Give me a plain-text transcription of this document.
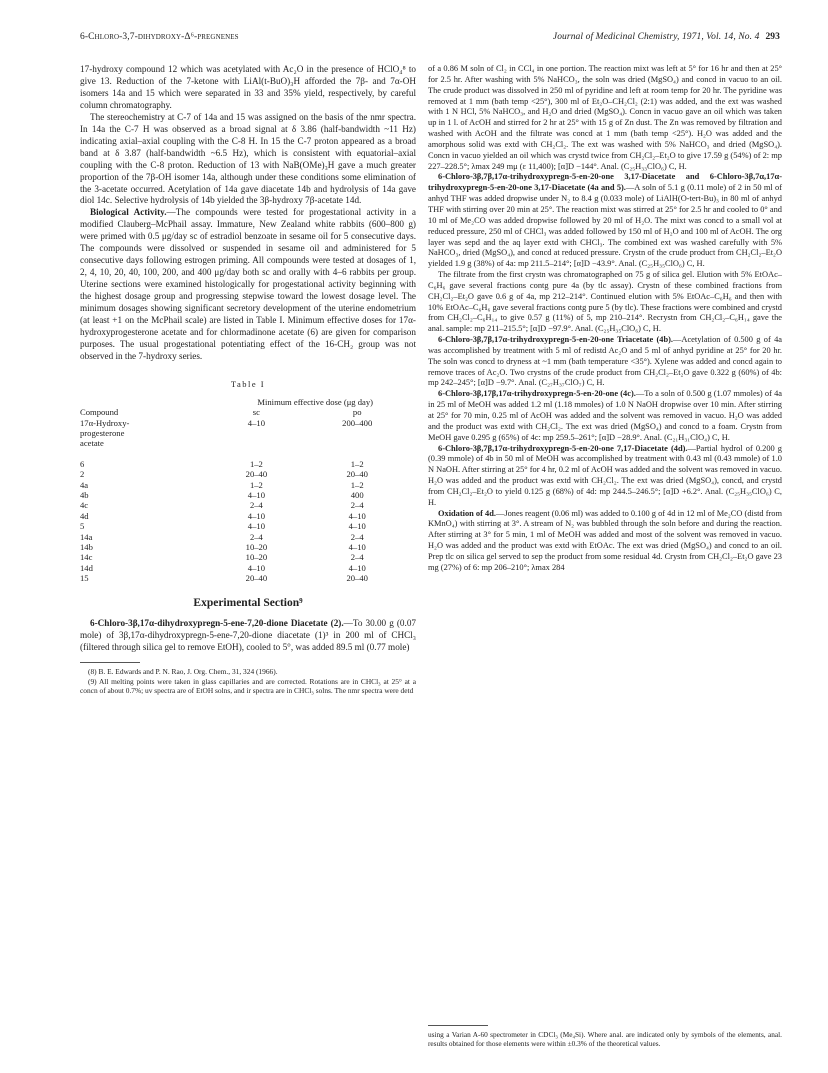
6-Chloro-3,7-dihydroxy-Δ⁶-pregnenes	Journal of Medicinal Chemistry, 1971, Vol. 14, No. 4 293

17-hydroxy compound 12 which was acetylated with Ac₂O in the presence of HClO₄⁸ to give 13. Reduction of the 7-ketone with LiAl(t-BuO)₃H afforded the 7β- and 7α-OH isomers 14a and 15 which were separated in 33 and 35% yield, respectively, by careful column chromatography.

The stereochemistry at C-7 of 14a and 15 was assigned on the basis of the nmr spectra. In 14a the C-7 H was observed as a broad signal at δ 3.86 (half-bandwidth ~11 Hz) indicating axial–axial coupling with the C-8 H. In 15 the C-7 proton appeared as a broad band at δ 3.87 (half-bandwidth ~6.5 Hz), which is consistent with equatorial–axial coupling with the C-8 proton. Reduction of 13 with NaB(OMe)₃H gave a much greater proportion of the 7β-OH isomer 14a, although under these conditions some elimination of the 3-acetate occurred. Acetylation of 14a gave diacetate 14b and hydrolysis of 14a gave diol 14c. Selective hydrolysis of 14b yielded the 3β-hydroxy 7β-acetate 14d.

Biological Activity.—The compounds were tested for progestational activity in a modified Clauberg–McPhail assay. Immature, New Zealand white rabbits (600–800 g) were primed with 0.5 μg/day sc of estradiol benzoate in sesame oil for 5 consecutive days. The compounds were dissolved or suspended in sesame oil and administered for 5 consecutive days following estrogen priming. All compounds were tested at dosages of 1, 2, 4, 10, 20, 40, 100, 200, and 400 μg/day both sc and orally with 4–6 rabbits per group. Uterine sections were examined histologically for progestational activity beginning with the highest dosage group and progressing stepwise toward the lowest dosage level. The minimum dosages showing significant secretory development of the uterine endometrium (at least +1 on the McPhail scale) are listed in Table I. Minimum effective doses for 17α-hydroxyprogesterone acetate and for chlormadinone acetate (6) are given for comparison purposes. The usual progestational potentiating effect of the 16-CH₂ group was not observed in the 7-hydroxy series.

Table I
	Minimum effective dose (μg day)	
Compound	sc	po
17α-Hydroxy-	4–10	200–400
progesterone		
acetate		
6	1–2	1–2
2	20–40	20–40
4a	1–2	1–2
4b	4–10	400
4c	2–4	2–4
4d	4–10	4–10
5	4–10	4–10
14a	2–4	2–4
14b	10–20	4–10
14c	10–20	2–4
14d	4–10	4–10
15	20–40	20–40
Experimental Section⁹

6-Chloro-3β,17α-dihydroxypregn-5-ene-7,20-dione Diacetate (2).—To 30.00 g (0.07 mole) of 3β,17α-dihydroxypregn-5-ene-7,20-dione diacetate (1)³ in 200 ml of CHCl₃ (filtered through silica gel to remove EtOH), cooled to 5°, was added 89.5 ml (0.77 mole)

(8) B. E. Edwards and P. N. Rao, J. Org. Chem., 31, 324 (1966).

(9) All melting points were taken in glass capillaries and are corrected. Rotations are in CHCl₃ at 25° at a concn of about 0.7%; uv spectra are of EtOH solns, and ir spectra are in CHCl₃ solns. The nmr spectra were detd

of a 0.86 M soln of Cl₂ in CCl₄ in one portion. The reaction mixt was left at 5° for 16 hr and then at 25° for 2.5 hr. After washing with 5% NaHCO₃, the soln was dried (MgSO₄) and concd in vacuo to an oil. The crude product was dissolved in 250 ml of pyridine and left at room temp for 20 hr. The pyridine was removed at 1 mm (bath temp <25°), 300 ml of Et₂O–CH₂Cl₂ (2:1) was added, and the ext was washed with 1 N HCl, 5% NaHCO₃, and H₂O and dried (MgSO₄). Concn in vacuo gave an oil which was taken up in 1 l. of AcOH and stirred for 2 hr at 25° with 15 g of Zn dust. The Zn was removed by filtration and washed with AcOH and the filtrate was concd at 1 mm (bath temp <25°). H₂O was added and the amorphous solid was extd with CH₂Cl₂. The ext was washed with 5% NaHCO₃ and dried (MgSO₄). Concn in vacuo yielded an oil which was crystd twice from CH₂Cl₂–Et₂O to give 17.59 g (54%) of 2: mp 227–228.5°; λmax 249 mμ (ε 11,400); [α]D −144°. Anal. (C₂₅H₃₃ClO₆) C, H.

6-Chloro-3β,7β,17α-trihydroxypregn-5-en-20-one 3,17-Diacetate and 6-Chloro-3β,7α,17α-trihydroxypregn-5-en-20-one 3,17-Diacetate (4a and 5).—A soln of 5.1 g (0.11 mole) of 2 in 50 ml of anhyd THF was added dropwise under N₂ to 8.4 g (0.033 mole) of LiAlH(O-tert-Bu)₃ in 80 ml of anhyd THF with stirring over 20 min at 25°. The reaction mixt was stirred at 25° for 2.5 hr and cooled to 0° and 10 ml of Me₂CO was added dropwise followed by 20 ml of H₂O. The mixt was concd to a small vol at reduced pressure, 250 ml of CHCl₃ was added followed by 150 ml of H₂O and 100 ml of AcOH. The org layer was sepd and the aq layer extd with CHCl₃. The combined ext was washed carefully with 5% NaHCO₃, dried (MgSO₄), and concd at reduced pressure. Crystn of the crude product from CH₂Cl₂–Et₂O yielded 1.9 g (38%) of 4a: mp 211.5–214°; [α]D −43.9°. Anal. (C₂₅H₃₅ClO₆) C, H.

The filtrate from the first crystn was chromatographed on 75 g of silica gel. Elution with 5% EtOAc–C₆H₆ gave several fractions contg pure 4a (by tlc assay). Crystn of these combined fractions from CH₂Cl₂–Et₂O gave 0.6 g of 4a, mp 212–214°. Continued elution with 5% EtOAc–C₆H₆ and then with 10% EtOAc–C₆H₆ gave several fractions contg pure 5 (by tlc). These fractions were combined and crystd from CH₂Cl₂–C₆H₁₄ to give 0.57 g (11%) of 5, mp 210–214°. Recrystn from CH₂Cl₂–C₆H₁₄ gave the anal. sample: mp 211–215.5°; [α]D −97.9°. Anal. (C₂₅H₃₅ClO₆) C, H.

6-Chloro-3β,7β,17α-trihydroxypregn-5-en-20-one Triacetate (4b).—Acetylation of 0.500 g of 4a was accomplished by treatment with 5 ml of redistd Ac₂O and 5 ml of anhyd pyridine at 25° for 20 hr. The soln was concd to dryness at ~1 mm (bath temperature <35°). Xylene was added and concd again to remove traces of Ac₂O. Two crystns of the crude product from CH₂Cl₂–Et₂O gave 0.322 g (60%) of 4b: mp 242–245°; [α]D −9.7°. Anal. (C₂₇H₃₇ClO₇) C, H.

6-Chloro-3β,17β,17α-trihydroxypregn-5-en-20-one (4c).—To a soln of 0.500 g (1.07 mmoles) of 4a in 25 ml of MeOH was added 1.2 ml (1.18 mmoles) of 1.0 N NaOH dropwise over 10 min. After stirring at 25° for 70 min, 0.25 ml of AcOH was added and the solvent was removed in vacuo. H₂O was added and the product was extd with CH₂Cl₂. The ext was dried (MgSO₄) and concd to a foam. Crystn from MeOH gave 0.295 g (65%) of 4c: mp 259.5–261°; [α]D −28.9°. Anal. (C₂₁H₃₁ClO₄) C, H.

6-Chloro-3β,7β,17α-trihydroxypregn-5-en-20-one 7,17-Diacetate (4d).—Partial hydrol of 0.200 g (0.39 mmole) of 4b in 50 ml of MeOH was accomplished by treatment with 0.43 ml (0.43 mmole) of 1.0 N NaOH. After stirring at 25° for 4 hr, 0.2 ml of AcOH was added and the solvent was removed in vacuo. H₂O was added and the product was extd with CH₂Cl₂. The ext was dried (MgSO₄), concd, and crystd from CH₂Cl₂–Et₂O to yield 0.125 g (68%) of 4d: mp 244.5–246.5°; [α]D +6.2°. Anal. (C₂₅H₃₅ClO₆) C, H.

Oxidation of 4d.—Jones reagent (0.06 ml) was added to 0.100 g of 4d in 12 ml of Me₂CO (distd from KMnO₄) with stirring at 3°. A stream of N₂ was bubbled through the soln before and during the reaction. After stirring at 3° for 5 min, 1 ml of MeOH was added and most of the solvent was removed in vacuo. H₂O was added and the product was extd with EtOAc. The ext was dried (MgSO₄) and concd to an oil. Prep tlc on silica gel served to sep the product from some residual 4d. Crystn from CH₂Cl₂–Et₂O gave 23 mg (27%) of 6: mp 206–210°; λmax 284

using a Varian A-60 spectrometer in CDCl₃ (Me₄Si). Where anal. are indicated only by symbols of the elements, anal. results obtained for those elements were within ±0.3% of the theoretical values.
